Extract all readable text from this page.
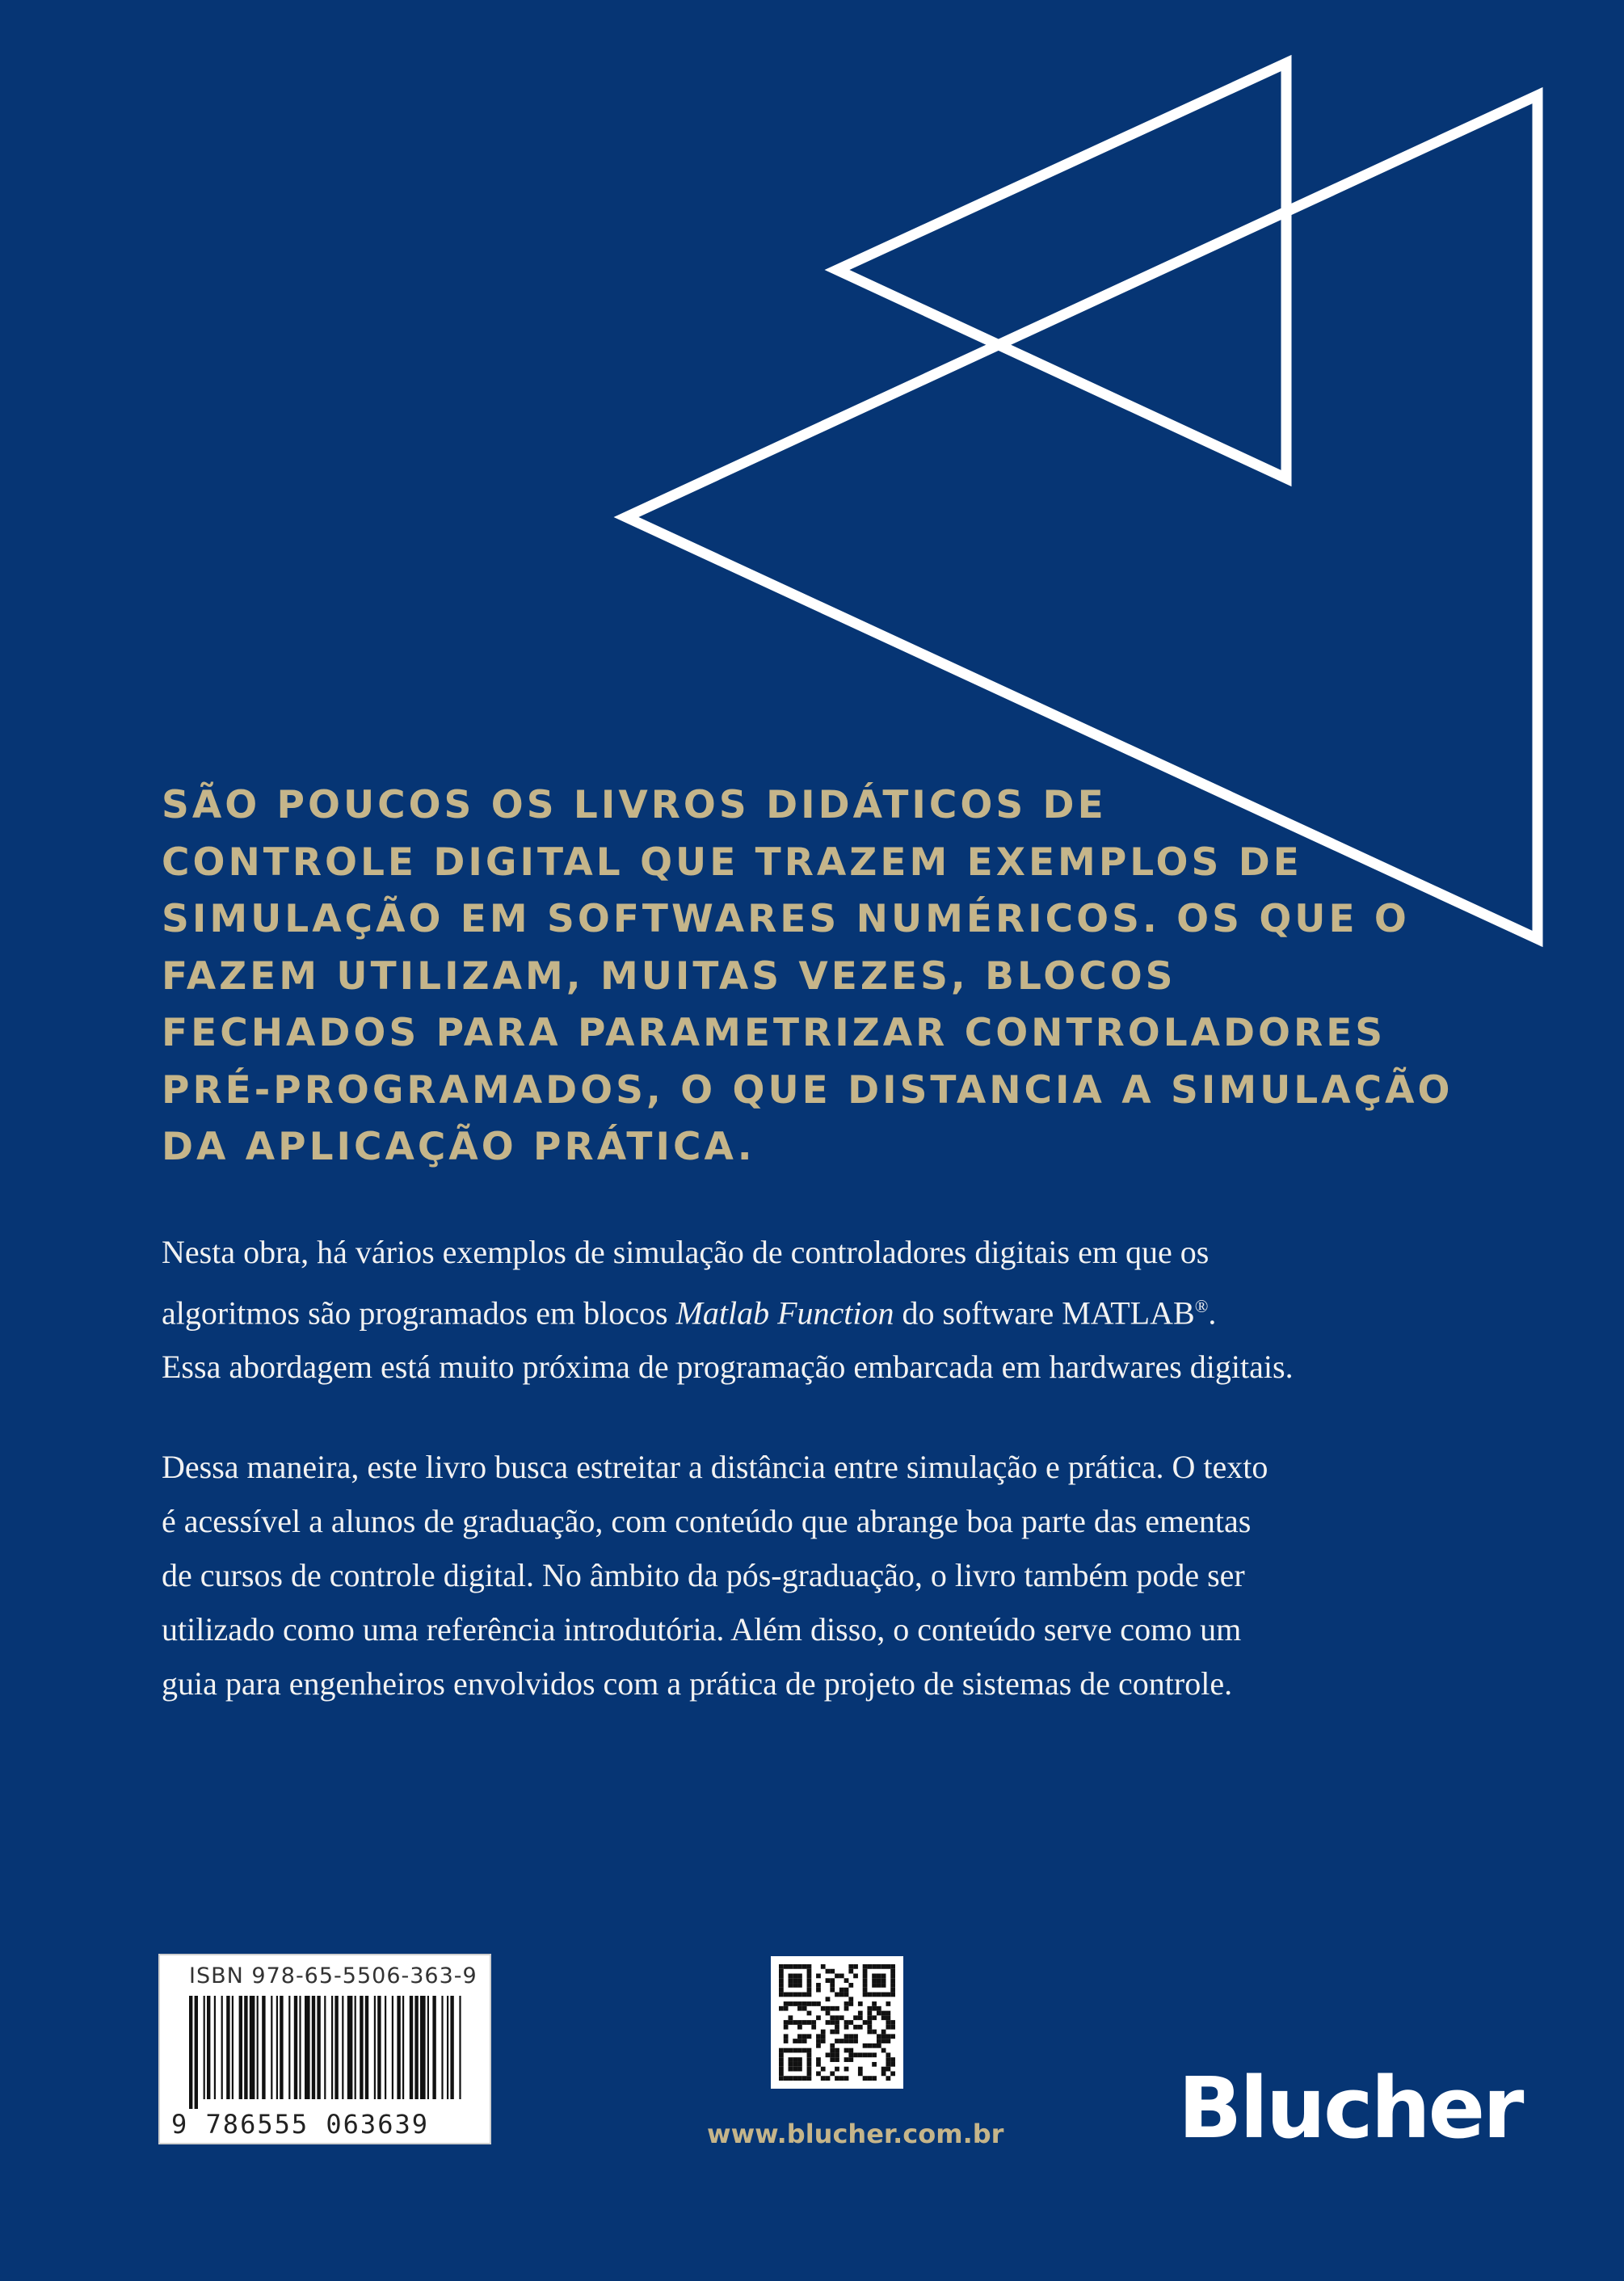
SÃO POUCOS OS LIVROS DIDÁTICOS DE
CONTROLE DIGITAL QUE TRAZEM EXEMPLOS DE
SIMULAÇÃO EM SOFTWARES NUMÉRICOS. OS QUE O
FAZEM UTILIZAM, MUITAS VEZES, BLOCOS
FECHADOS PARA PARAMETRIZAR CONTROLADORES
PRÉ-PROGRAMADOS, O QUE DISTANCIA A SIMULAÇÃO
DA APLICAÇÃO PRÁTICA.

Nesta obra, há vários exemplos de simulação de controladores digitais em que os
algoritmos são programados em blocos Matlab Function do software MATLAB®.
Essa abordagem está muito próxima de programação embarcada em hardwares digitais.

Dessa maneira, este livro busca estreitar a distância entre simulação e prática. O texto
é acessível a alunos de graduação, com conteúdo que abrange boa parte das ementas
de cursos de controle digital. No âmbito da pós-graduação, o livro também pode ser
utilizado como uma referência introdutória. Além disso, o conteúdo serve como um
guia para engenheiros envolvidos com a prática de projeto de sistemas de controle.

ISBN 978-65-5506-363-9
9 786555 063639	www.blucher.com.br Blucher
